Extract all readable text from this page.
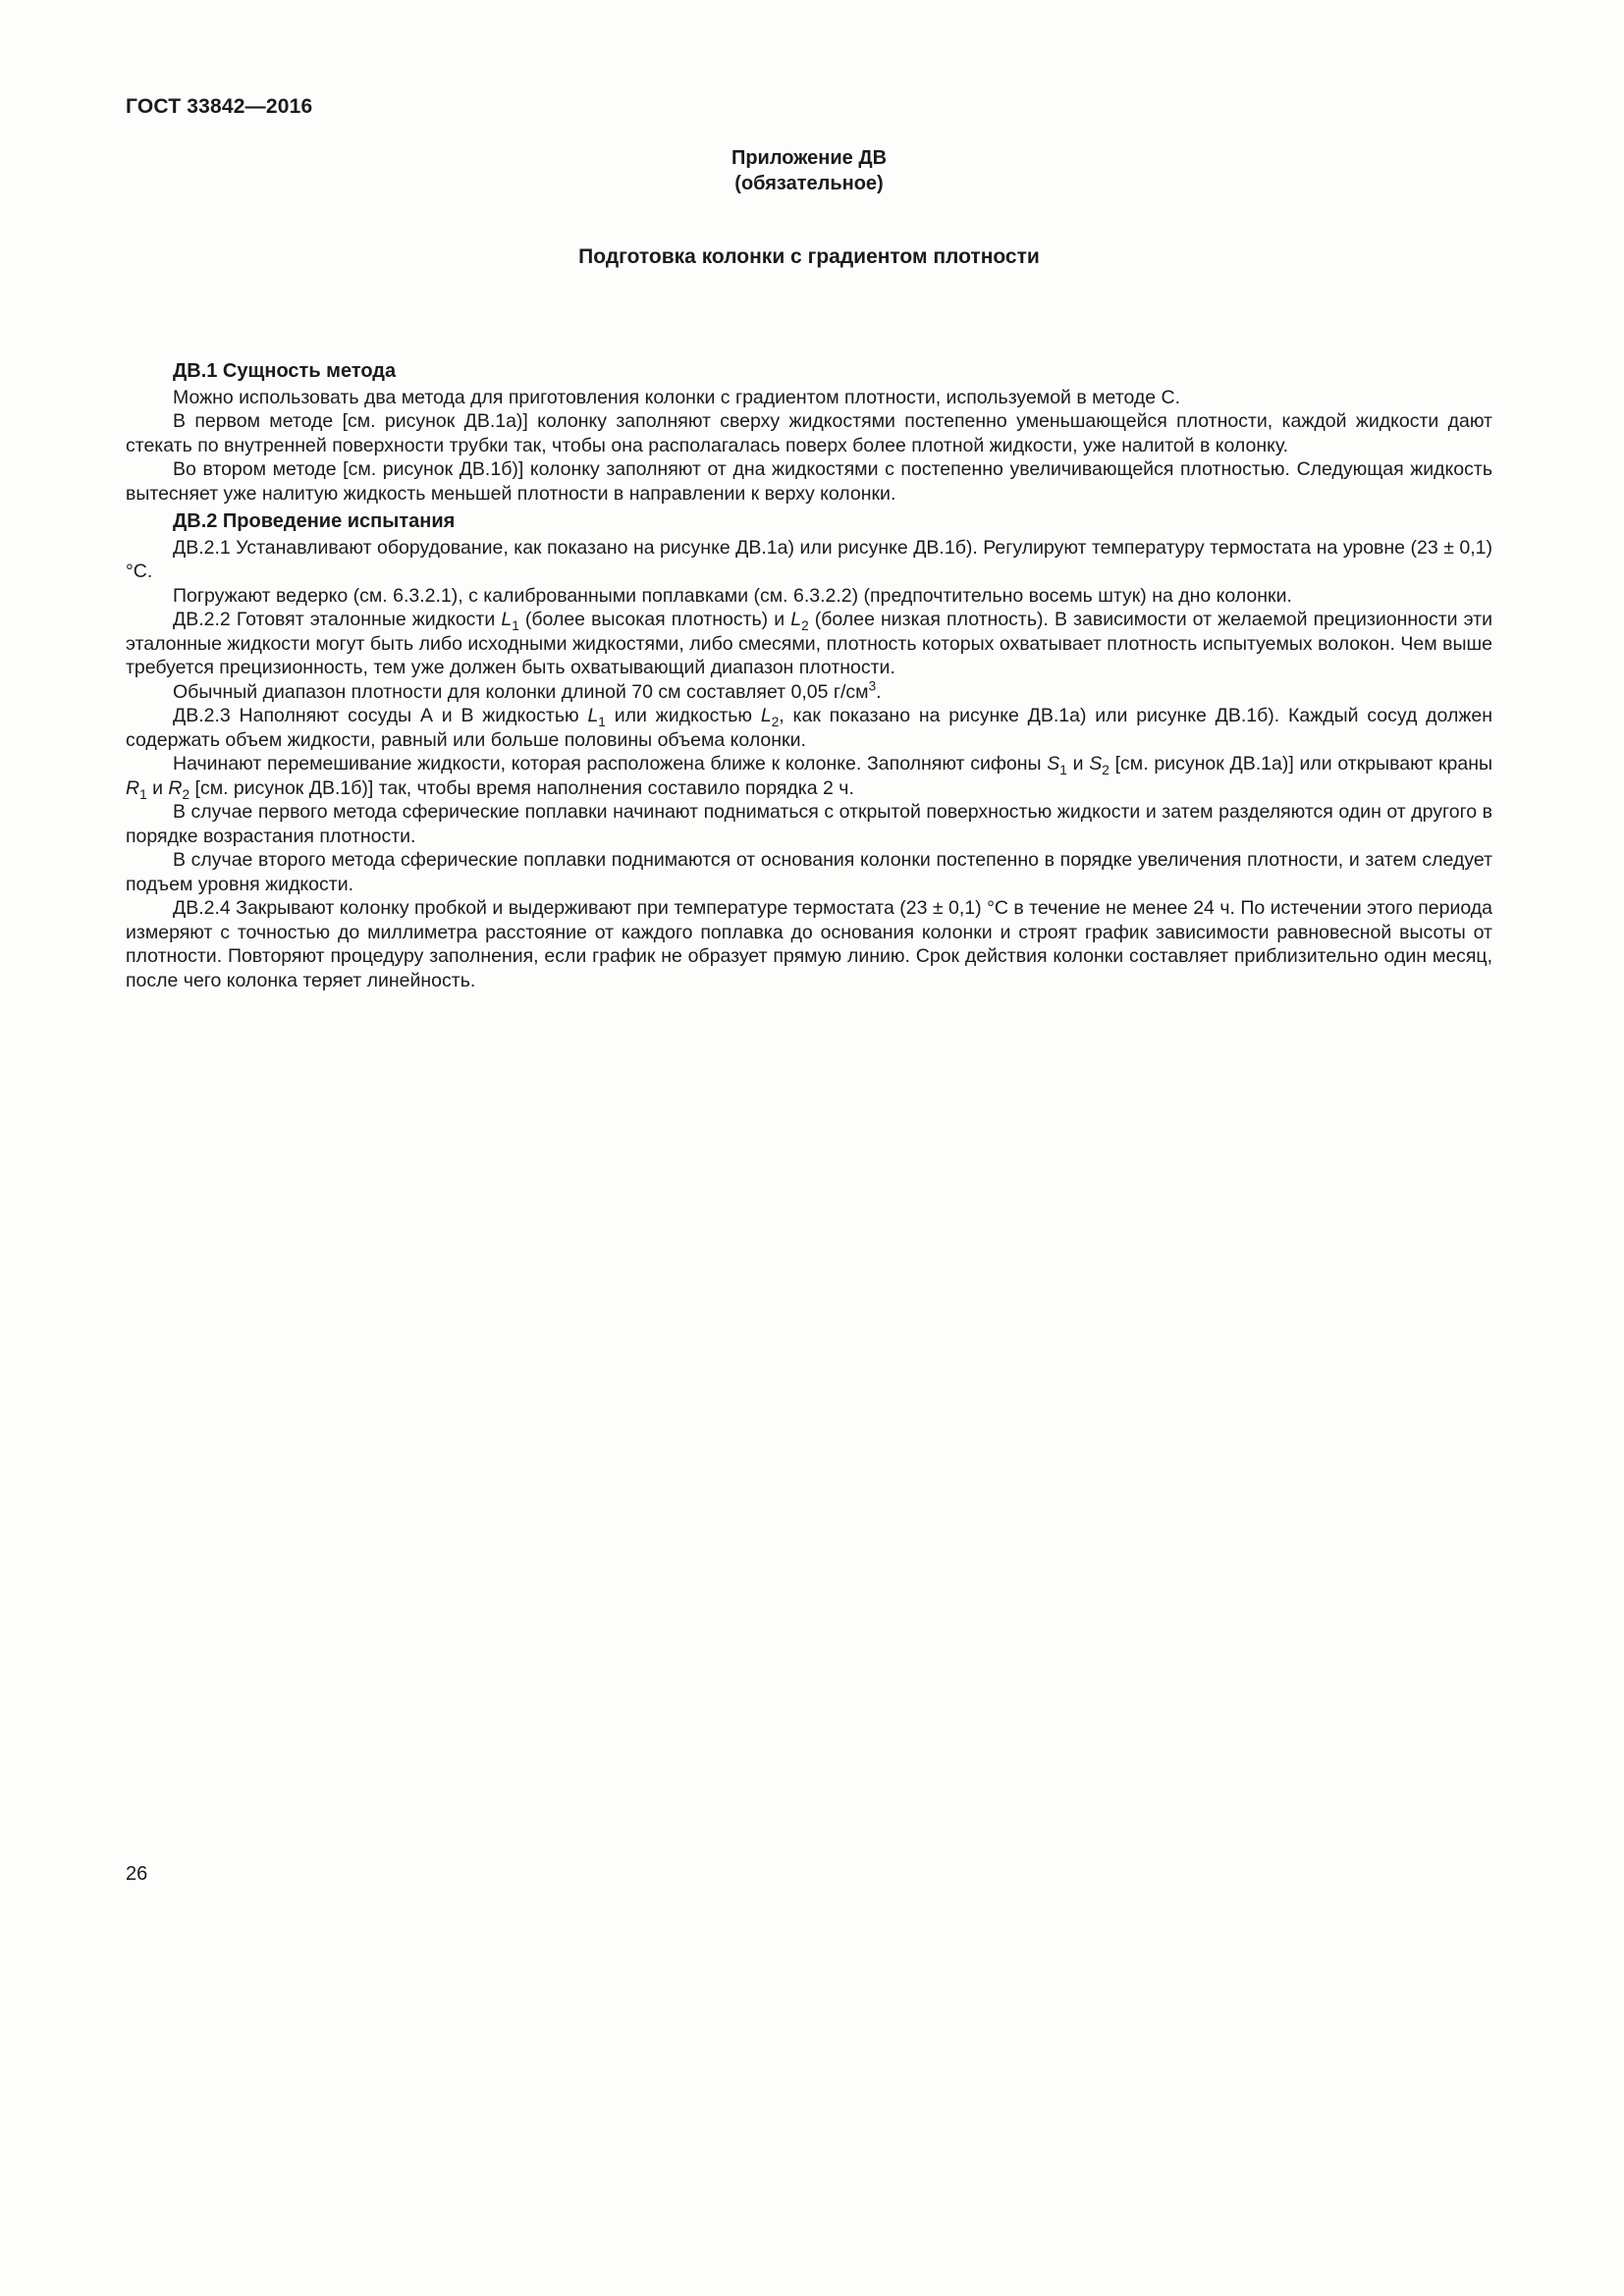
ГОСТ 33842—2016
Приложение ДВ
(обязательное)
Подготовка колонки с градиентом плотности
ДВ.1 Сущность метода

Можно использовать два метода для приготовления колонки с градиентом плотности, используемой в методе С.

В первом методе [см. рисунок ДВ.1а)] колонку заполняют сверху жидкостями постепенно уменьшающейся плотности, каждой жидкости дают стекать по внутренней поверхности трубки так, чтобы она располагалась поверх более плотной жидкости, уже налитой в колонку.

Во втором методе [см. рисунок ДВ.1б)] колонку заполняют от дна жидкостями с постепенно увеличивающейся плотностью. Следующая жидкость вытесняет уже налитую жидкость меньшей плотности в направлении к верху колонки.

ДВ.2 Проведение испытания

ДВ.2.1 Устанавливают оборудование, как показано на рисунке ДВ.1а) или рисунке ДВ.1б). Регулируют температуру термостата на уровне (23 ± 0,1) °С.

Погружают ведерко (см. 6.3.2.1), с калиброванными поплавками (см. 6.3.2.2) (предпочтительно восемь штук) на дно колонки.

ДВ.2.2 Готовят эталонные жидкости $L_1$ (более высокая плотность) и $L_2$ (более низкая плотность). В зависимости от желаемой прецизионности эти эталонные жидкости могут быть либо исходными жидкостями, либо смесями, плотность которых охватывает плотность испытуемых волокон. Чем выше требуется прецизионность, тем уже должен быть охватывающий диапазон плотности.

Обычный диапазон плотности для колонки длиной 70 см составляет 0,05 $г/см^3$.

ДВ.2.3 Наполняют сосуды А и В жидкостью $L_1$ или жидкостью $L_2$, как показано на рисунке ДВ.1а) или рисунке ДВ.1б). Каждый сосуд должен содержать объем жидкости, равный или больше половины объема колонки.

Начинают перемешивание жидкости, которая расположена ближе к колонке. Заполняют сифоны $S_1$ и $S_2$ [см. рисунок ДВ.1а)] или открывают краны $R_1$ и $R_2$ [см. рисунок ДВ.1б)] так, чтобы время наполнения составило порядка 2 ч.

В случае первого метода сферические поплавки начинают подниматься с открытой поверхностью жидкости и затем разделяются один от другого в порядке возрастания плотности.

В случае второго метода сферические поплавки поднимаются от основания колонки постепенно в порядке увеличения плотности, и затем следует подъем уровня жидкости.

ДВ.2.4 Закрывают колонку пробкой и выдерживают при температуре термостата (23 ± 0,1) °С в течение не менее 24 ч. По истечении этого периода измеряют с точностью до миллиметра расстояние от каждого поплавка до основания колонки и строят график зависимости равновесной высоты от плотности. Повторяют процедуру заполнения, если график не образует прямую линию. Срок действия колонки составляет приблизительно один месяц, после чего колонка теряет линейность.

26
